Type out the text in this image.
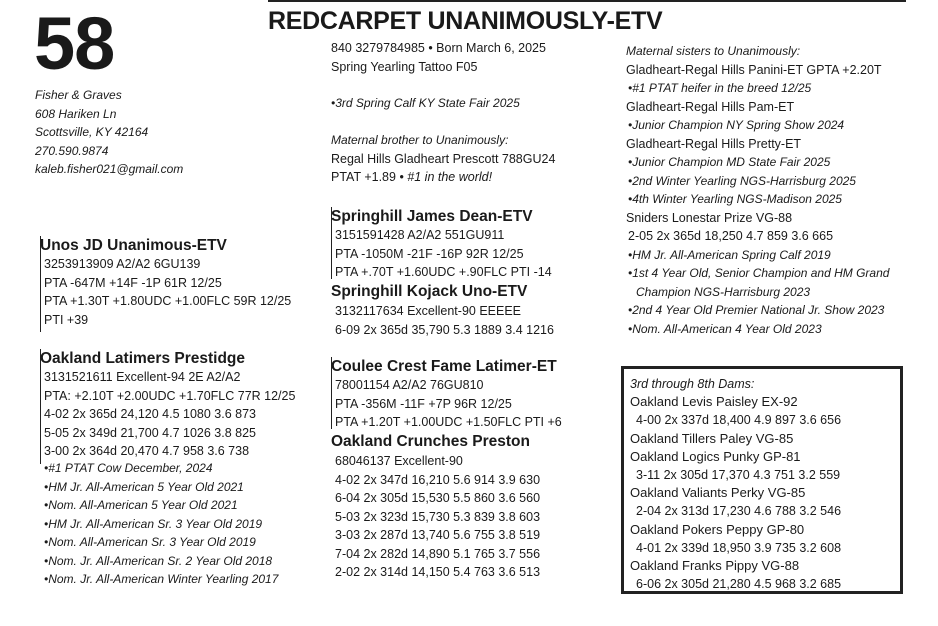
58	REDCARPET UNANIMOUSLY-ETV
Fisher & Graves
608 Hariken Ln
Scottsville, KY 42164
270.590.9874
kaleb.fisher021@gmail.com
840 3279784985 • Born March 6, 2025
Spring Yearling Tattoo F05
•3rd Spring Calf KY State Fair 2025
Maternal brother to Unanimously:
Regal Hills Gladheart Prescott 788GU24
PTAT +1.89 • #1 in the world!
Unos JD Unanimous-ETV
3253913909 A2/A2 6GU139
PTA -647M +14F -1P 61R 12/25
PTA +1.30T +1.80UDC +1.00FLC 59R 12/25
PTI +39
Oakland Latimers Prestidge
3131521611 Excellent-94 2E A2/A2
PTA: +2.10T +2.00UDC +1.70FLC 77R 12/25
4-02 2x 365d 24,120 4.5 1080 3.6 873
5-05 2x 349d 21,700 4.7 1026 3.8 825
3-00 2x 364d 20,470 4.7 958 3.6 738
•#1 PTAT Cow December, 2024
•HM Jr. All-American 5 Year Old 2021
•Nom. All-American 5 Year Old 2021
•HM Jr. All-American Sr. 3 Year Old 2019
•Nom. All-American Sr. 3 Year Old 2019
•Nom. Jr. All-American Sr. 2 Year Old 2018
•Nom. Jr. All-American Winter Yearling 2017
Springhill James Dean-ETV
3151591428 A2/A2 551GU911
PTA -1050M -21F -16P 92R 12/25
PTA +.70T +1.60UDC +.90FLC PTI -14
Springhill Kojack Uno-ETV
3132117634 Excellent-90 EEEEE
6-09 2x 365d 35,790 5.3 1889 3.4 1216
Coulee Crest Fame Latimer-ET
78001154 A2/A2 76GU810
PTA -356M -11F +7P 96R 12/25
PTA +1.20T +1.00UDC +1.50FLC PTI +6
Oakland Crunches Preston
68046137 Excellent-90
4-02 2x 347d 16,210 5.6 914 3.9 630
6-04 2x 305d 15,530 5.5 860 3.6 560
5-03 2x 323d 15,730 5.3 839 3.8 603
3-03 2x 287d 13,740 5.6 755 3.8 519
7-04 2x 282d 14,890 5.1 765 3.7 556
2-02 2x 314d 14,150 5.4 763 3.6 513
Maternal sisters to Unanimously:
Gladheart-Regal Hills Panini-ET GPTA +2.20T
•#1 PTAT heifer in the breed 12/25
Gladheart-Regal Hills Pam-ET
•Junior Champion NY Spring Show 2024
Gladheart-Regal Hills Pretty-ET
•Junior Champion MD State Fair 2025
•2nd Winter Yearling NGS-Harrisburg 2025
•4th Winter Yearling NGS-Madison 2025
Sniders Lonestar Prize VG-88
2-05 2x 365d 18,250 4.7 859 3.6 665
•HM Jr. All-American Spring Calf 2019
•1st 4 Year Old, Senior Champion and HM Grand
Champion NGS-Harrisburg 2023
•2nd 4 Year Old Premier National Jr. Show 2023
•Nom. All-American 4 Year Old 2023
3rd through 8th Dams:
Oakland Levis Paisley EX-92
4-00 2x 337d 18,400 4.9 897 3.6 656
Oakland Tillers Paley VG-85
Oakland Logics Punky GP-81
3-11 2x 305d 17,370 4.3 751 3.2 559
Oakland Valiants Perky VG-85
2-04 2x 313d 17,230 4.6 788 3.2 546
Oakland Pokers Peppy GP-80
4-01 2x 339d 18,950 3.9 735 3.2 608
Oakland Franks Pippy VG-88
6-06 2x 305d 21,280 4.5 968 3.2 685
